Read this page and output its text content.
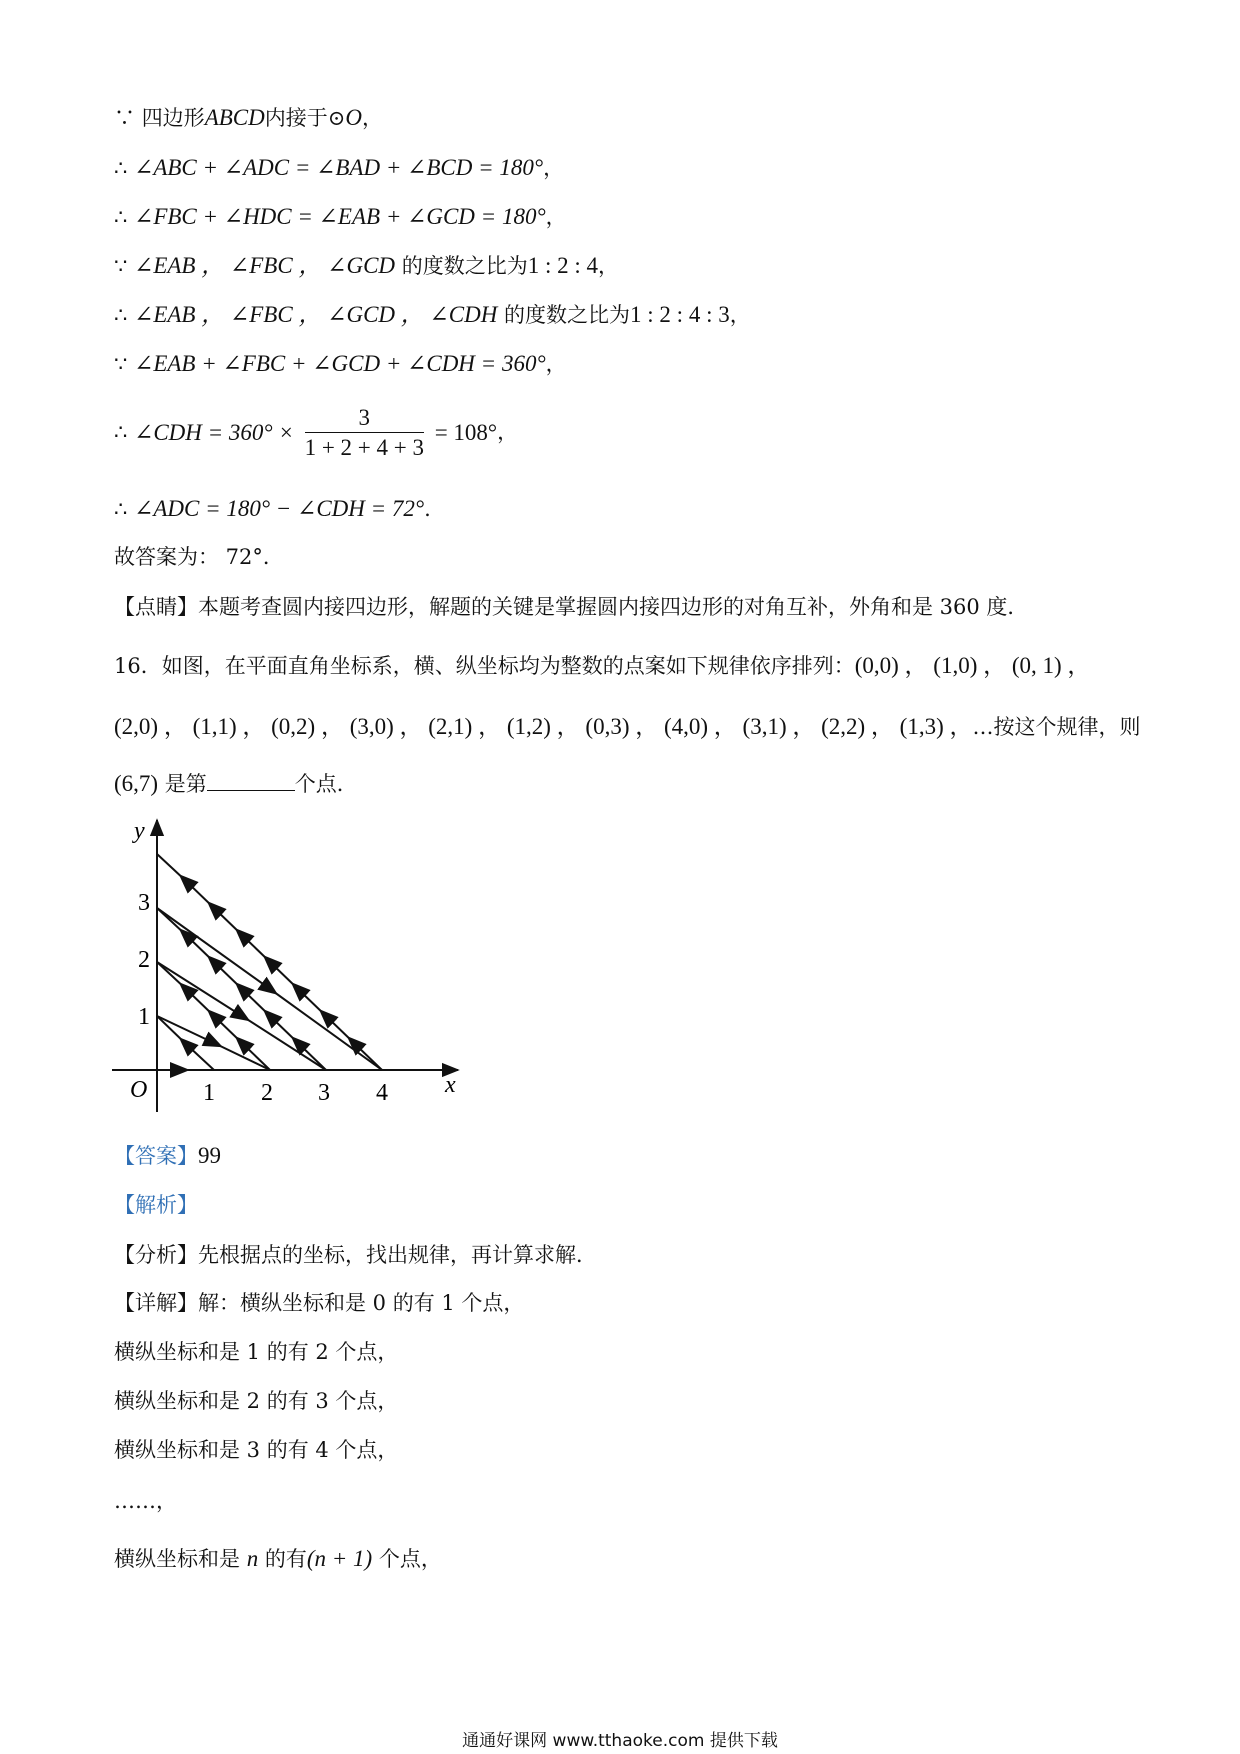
∵ 四边形ABCD内接于⊙O，
∴ ∠ABC + ∠ADC = ∠BAD + ∠BCD = 180°，
∴ ∠FBC + ∠HDC = ∠EAB + ∠GCD = 180°，
∵ ∠EAB ， ∠FBC ， ∠GCD 的度数之比为1 : 2 : 4，
∴ ∠EAB ， ∠FBC ， ∠GCD ， ∠CDH 的度数之比为1 : 2 : 4 : 3，
∵ ∠EAB + ∠FBC + ∠GCD + ∠CDH = 360°，
∴ ∠CDH = $360^\circ \times \frac{3}{1 + 2 + 4 + 3} = 108^\circ$，
∴ ∠ADC = 180° − ∠CDH = 72°.
故答案为： 72°．
【点睛】本题考查圆内接四边形，解题的关键是掌握圆内接四边形的对角互补，外角和是 360 度．
16．如图，在平面直角坐标系，横、纵坐标均为整数的点案如下规律依序排列：(0,0) ， (1,0) ， (0, 1) ，
(2,0) ， (1,1) ， (0,2) ， (3,0) ， (2,1) ， (1,2) ， (0,3) ， (4,0) ， (3,1) ， (2,2) ， (1,3) ，…按这个规律，则
(6,7) 是第	个点．
O	x
y
1 2 3 4
1
2
3
【答案】99
【解析】
【分析】先根据点的坐标，找出规律，再计算求解．
【详解】解：横纵坐标和是 0 的有 1 个点，
横纵坐标和是 1 的有 2 个点，
横纵坐标和是 2 的有 3 个点，
横纵坐标和是 3 的有 4 个点，
……，
横纵坐标和是 n 的有(n + 1) 个点，
通通好课网 www.tthaoke.com 提供下载
